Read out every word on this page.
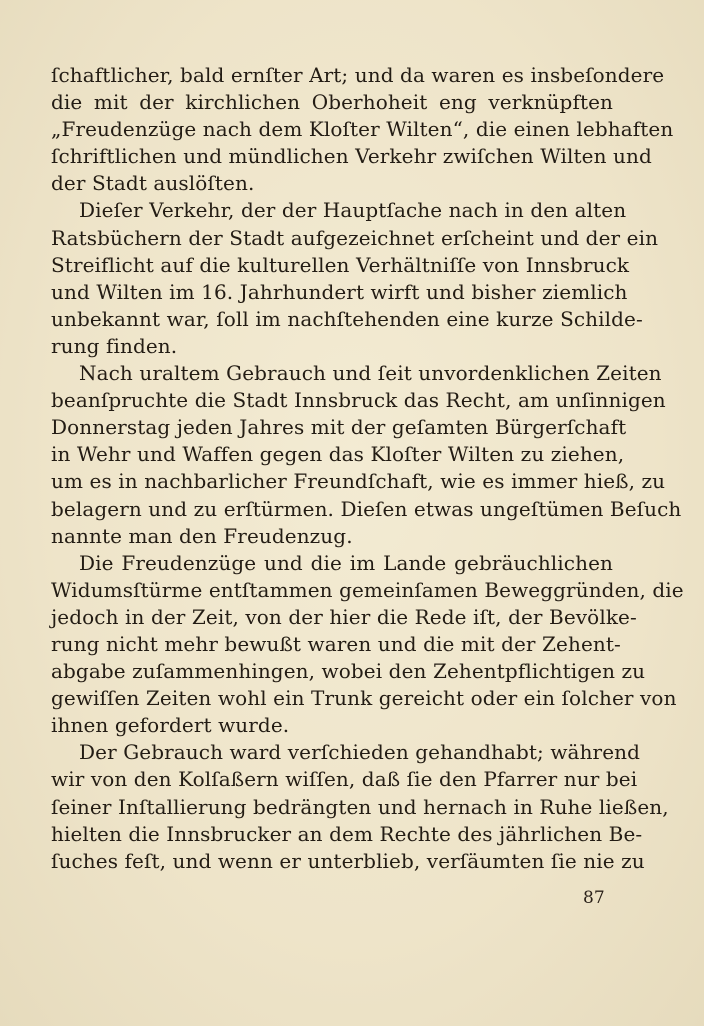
ſchaftlicher, bald ernſter Art; und da waren es insbeſondere
die mit der kirchlichen Oberhoheit eng verknüpften
„Freudenzüge nach dem Kloſter Wilten“, die einen lebhaften
ſchriftlichen und mündlichen Verkehr zwiſchen Wilten und
der Stadt auslöſten.
Dieſer Verkehr, der der Hauptſache nach in den alten
Ratsbüchern der Stadt aufgezeichnet erſcheint und der ein
Streiflicht auf die kulturellen Verhältniſſe von Innsbruck
und Wilten im 16. Jahrhundert wirft und bisher ziemlich
unbekannt war, ſoll im nachſtehenden eine kurze Schilde-
rung finden.
Nach uraltem Gebrauch und ſeit unvordenklichen Zeiten
beanſpruchte die Stadt Innsbruck das Recht, am unſinnigen
Donnerstag jeden Jahres mit der geſamten Bürgerſchaft
in Wehr und Waffen gegen das Kloſter Wilten zu ziehen,
um es in nachbarlicher Freundſchaft, wie es immer hieß, zu
belagern und zu erſtürmen. Dieſen etwas ungeſtümen Beſuch
nannte man den Freudenzug.
Die Freudenzüge und die im Lande gebräuchlichen
Widumsſtürme entſtammen gemeinſamen Beweggründen, die
jedoch in der Zeit, von der hier die Rede iſt, der Bevölke-
rung nicht mehr bewußt waren und die mit der Zehent-
abgabe zuſammenhingen, wobei den Zehentpflichtigen zu
gewiſſen Zeiten wohl ein Trunk gereicht oder ein ſolcher von
ihnen gefordert wurde.
Der Gebrauch ward verſchieden gehandhabt; während
wir von den Kolſaßern wiſſen, daß ſie den Pfarrer nur bei
ſeiner Inſtallierung bedrängten und hernach in Ruhe ließen,
hielten die Innsbrucker an dem Rechte des jährlichen Be-
ſuches feſt, und wenn er unterblieb, verſäumten ſie nie zu
87
